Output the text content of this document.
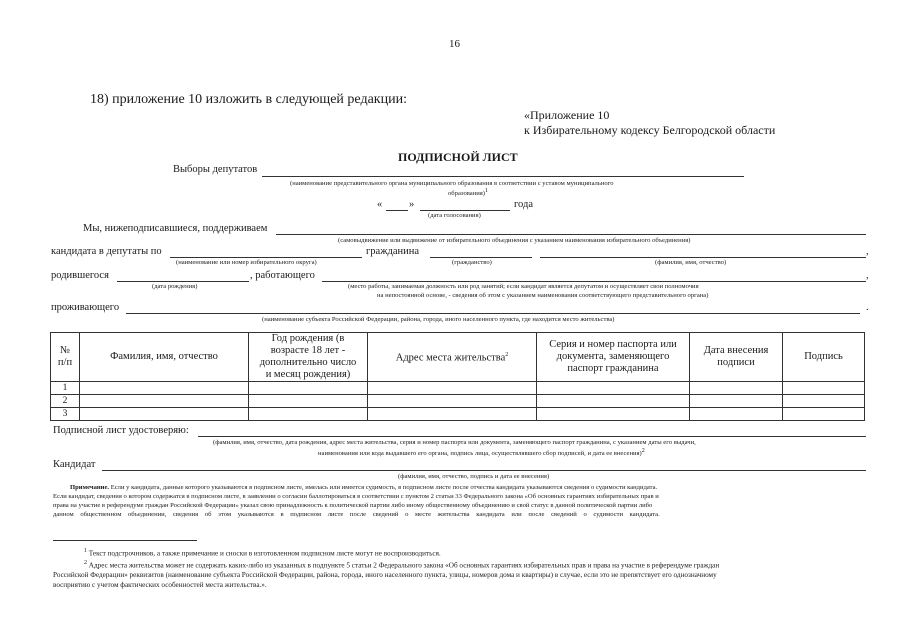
16
18) приложение 10 изложить в следующей редакции:
«Приложение 10
к Избирательному кодексу Белгородской области
ПОДПИСНОЙ ЛИСТ
Выборы депутатов
(наименование представительного органа муниципального образования в соответствии с уставом муниципального
образования)$^1$
«	»	года
(дата голосования)
Мы, нижеподписавшиеся, поддерживаем
(самовыдвижение или выдвижение от избирательного объединения с указанием наименования избирательного объединения)
кандидата в депутаты по	гражданина	,
(наименование или номер избирательного округа)	(гражданство)	(фамилия, имя, отчество)
родившегося	, работающего	,
(дата рождения)	(место работы, занимаемая должность или род занятий; если кандидат является депутатом и осуществляет свои полномочия
на непостоянной основе, - сведения об этом с указанием наименования соответствующего представительного органа)
проживающего	.
(наименование субъекта Российской Федерации, района, города, иного населенного пункта, где находится место жительства)
№ п/п	Фамилия, имя, отчество	Год рождения (в возрасте 18 лет - дополнительно число и месяц рождения)	Адрес места жительства$^2$	Серия и номер паспорта или документа, заменяющего паспорт гражданина	Дата внесения подписи	Подпись
1						
2						
3						
Подписной лист удостоверяю:
(фамилия, имя, отчество, дата рождения, адрес места жительства, серия и номер паспорта или документа, заменяющего паспорт гражданина, с указанием даты его выдачи,
наименования или кода выдавшего его органа, подпись лица, осуществлявшего сбор подписей, и дата ее внесения)$^2$
Кандидат
(фамилия, имя, отчество, подпись и дата ее внесения)
Примечание. Если у кандидата, данные которого указываются в подписном листе, имелась или имеется судимость, в подписном листе после отчества кандидата указываются сведения о судимости кандидата.
Если кандидат, сведения о котором содержатся в подписном листе, в заявлении о согласии баллотироваться в соответствии с пунктом 2 статьи 33 Федерального закона «Об основных гарантиях избирательных прав и
права на участие в референдуме граждан Российской Федерации» указал свою принадлежность к политической партии либо иному общественному объединению и свой статус в данной политической партии либо
данном общественном объединении, сведения об этом указываются в подписном листе после сведений о месте жительства кандидата или после сведений о судимости кандидата.
$^1$ Текст подстрочников, а также примечание и сноски в изготовленном подписном листе могут не воспроизводиться.
$^2$ Адрес места жительства может не содержать каких-либо из указанных в подпункте 5 статьи 2 Федерального закона «Об основных гарантиях избирательных прав и права на участие в референдуме граждан
Российской Федерации» реквизитов (наименование субъекта Российской Федерации, района, города, иного населенного пункта, улицы, номеров дома и квартиры) в случае, если это не препятствует его однозначному
восприятию с учетом фактических особенностей места жительства.».
